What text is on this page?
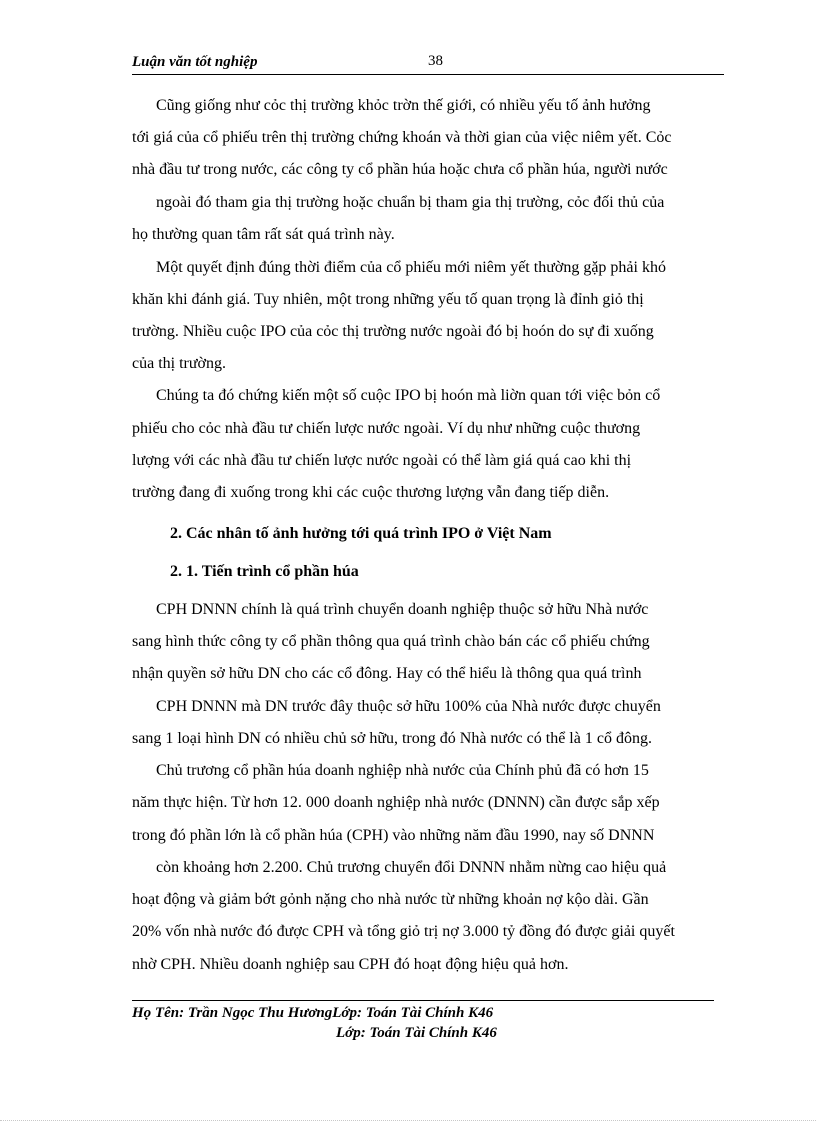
Luận văn tốt nghiệp	38
Cũng giống như cỏc thị trường khỏc trờn thế giới, có nhiều yếu tố ảnh hưởng
tới giá của cổ phiếu trên thị trường chứng khoán và thời gian của việc niêm yết. Cỏc
nhà đầu tư trong nước, các công ty cổ phần húa hoặc chưa cổ phần húa, người nước
ngoài đó tham gia thị trường hoặc chuẩn bị tham gia thị trường, cỏc đối thủ của
họ thường quan tâm rất sát quá trình này.
Một quyết định đúng thời điểm của cổ phiếu mới niêm yết thường gặp phải khó
khăn khi đánh giá. Tuy nhiên, một trong những yếu tố quan trọng là đỉnh giỏ thị
trường. Nhiều cuộc IPO của cỏc thị trường nước ngoài đó bị hoón do sự đi xuống
của thị trường.
Chúng ta đó chứng kiến một số cuộc IPO bị hoón mà liờn quan tới việc bỏn cổ
phiếu cho cỏc nhà đầu tư chiến lược nước ngoài. Ví dụ như những cuộc thương
lượng với các nhà đầu tư chiến lược nước ngoài có thể làm giá quá cao khi thị
trường đang đi xuống trong khi các cuộc thương lượng vẫn đang tiếp diễn.
2. Các nhân tố ảnh hưởng tới quá trình IPO ở Việt Nam
2. 1. Tiến trình cổ phần húa
CPH DNNN chính là quá trình chuyển doanh nghiệp thuộc sở hữu Nhà nước
sang hình thức công ty cổ phần thông qua quá trình chào bán các cổ phiếu chứng
nhận quyền sở hữu DN cho các cổ đông. Hay có thể hiểu là thông qua quá trình
CPH DNNN mà DN trước đây thuộc sở hữu 100% của Nhà nước được chuyển
sang 1 loại hình DN có nhiều chủ sở hữu, trong đó Nhà nước có thể là 1 cổ đông.
Chủ trương cổ phần húa doanh nghiệp nhà nước của Chính phủ đã có hơn 15
năm thực hiện. Từ hơn 12. 000 doanh nghiệp nhà nước (DNNN) cần được sắp xếp
trong đó phần lớn là cổ phần húa (CPH) vào những năm đầu 1990, nay số DNNN
còn khoảng hơn 2.200. Chủ trương chuyển đổi DNNN nhằm nừng cao hiệu quả
hoạt động và giảm bớt gỏnh nặng cho nhà nước từ những khoản nợ kộo dài. Gần
20% vốn nhà nước đó được CPH và tổng giỏ trị nợ 3.000 tỷ đồng đó được giải quyết
nhờ CPH. Nhiều doanh nghiệp sau CPH đó hoạt động hiệu quả hơn.
Họ Tên: Trần Ngọc Thu HươngLớp: Toán Tài Chính K46
Lớp: Toán Tài Chính K46
